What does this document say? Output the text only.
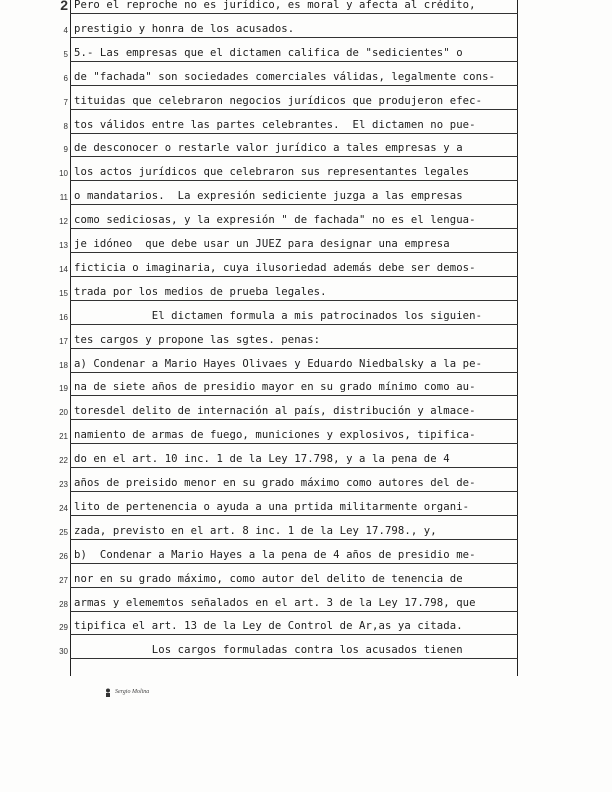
2 Pero el reproche no es jurídico, es moral y afecta al crédito,
4 prestigio y honra de los acusados.
5 5.- Las empresas que el dictamen califica de "sedicientes" o
6 de "fachada" son sociedades comerciales válidas, legalmente cons-
7 tituidas que celebraron negocios jurídicos que produjeron efec-
8 tos válidos entre las partes celebrantes.  El dictamen no pue-
9 de desconocer o restarle valor jurídico a tales empresas y a
10 los actos jurídicos que celebraron sus representantes legales
11 o mandatarios.  La expresión sediciente juzga a las empresas
12 como sediciosas, y la expresión " de fachada" no es el lengua-
13 je idóneo  que debe usar un JUEZ para designar una empresa
14 ficticia o imaginaria, cuya ilusoriedad además debe ser demos-
15 trada por los medios de prueba legales.
16 El dictamen formula a mis patrocinados los siguien-
17 tes cargos y propone las sgtes. penas:
18 a) Condenar a Mario Hayes Olivaes y Eduardo Niedbalsky a la pe-
19 na de siete años de presidio mayor en su grado mínimo como au-
20 toresdel delito de internación al país, distribución y almace-
21 namiento de armas de fuego, municiones y explosivos, tipifica-
22 do en el art. 10 inc. 1 de la Ley 17.798, y a la pena de 4
23 años de preisido menor en su grado máximo como autores del de-
24 lito de pertenencia o ayuda a una prtida militarmente organi-
25 zada, previsto en el art. 8 inc. 1 de la Ley 17.798., y,
26 b)  Condenar a Mario Hayes a la pena de 4 años de presidio me-
27 nor en su grado máximo, como autor del delito de tenencia de
28 armas y elememtos señalados en el art. 3 de la Ley 17.798, que
29 tipifica el art. 13 de la Ley de Control de Ar,as ya citada.
30 Los cargos formuladas contra los acusados tienen
Sergio Molina
